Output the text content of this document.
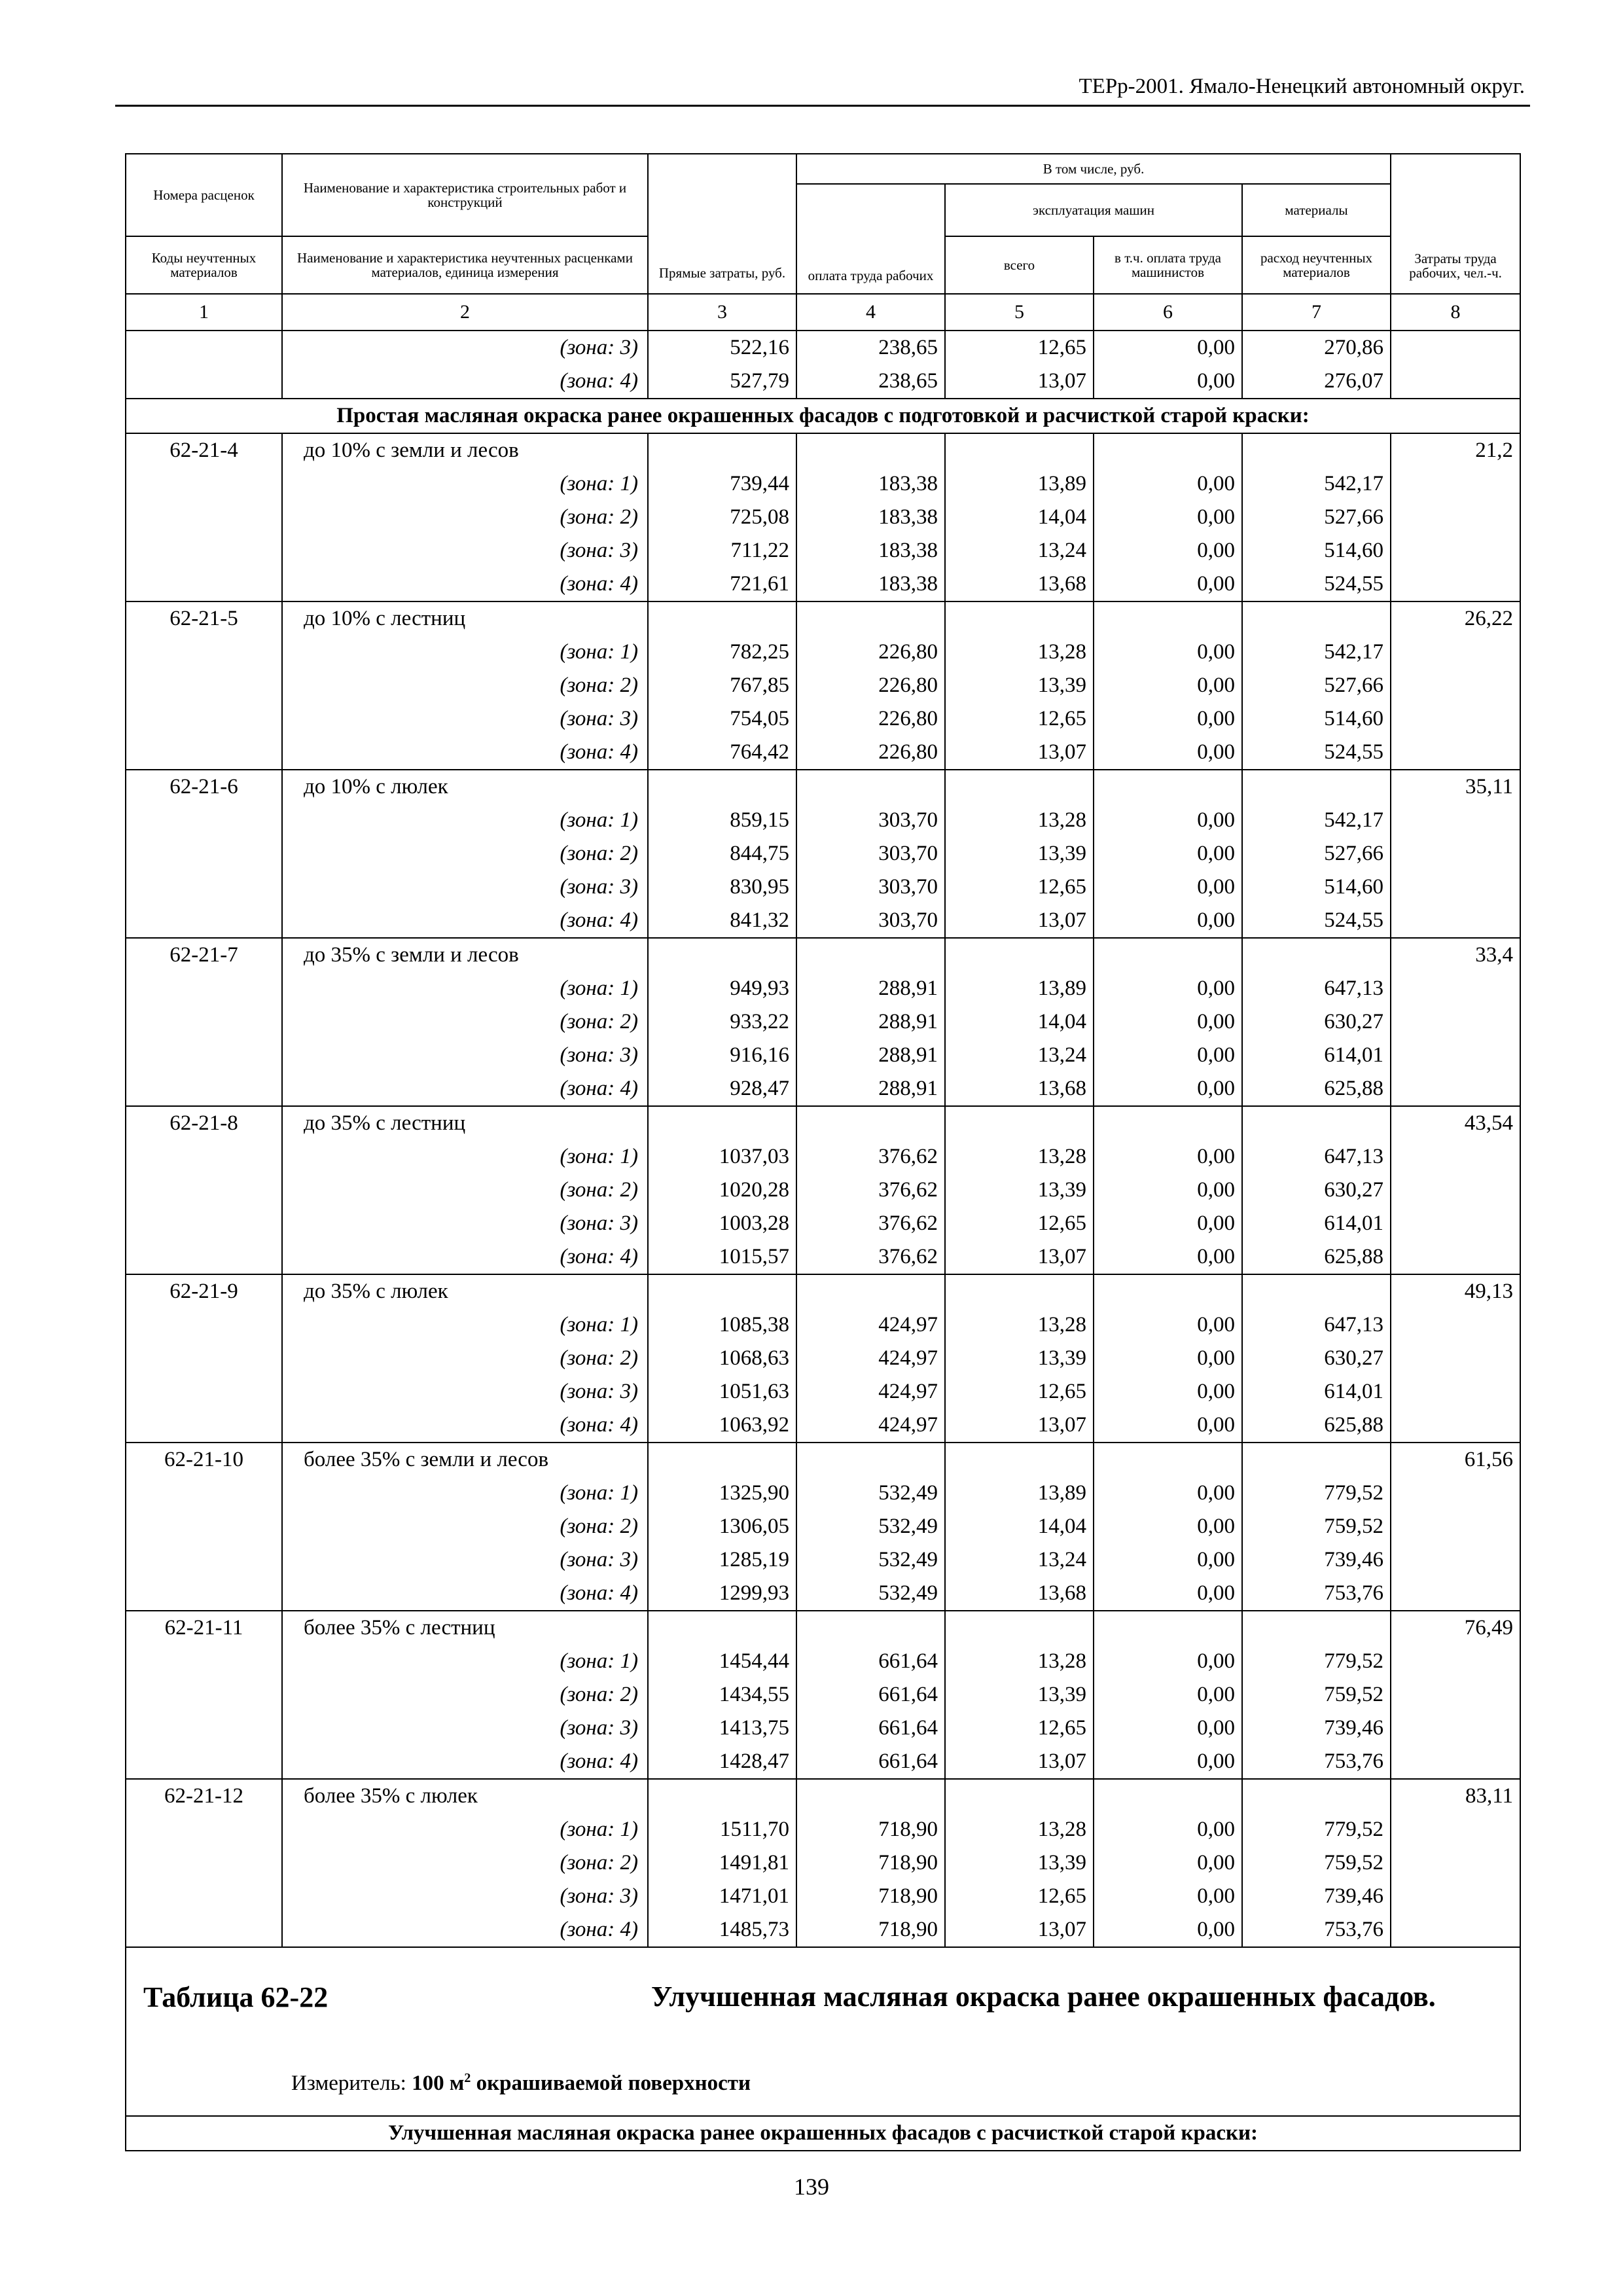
ТЕРр-2001. Ямало-Ненецкий автономный округ.
Номера расценок	Наименование и характеристика строительных работ и конструкций	Прямые затраты, руб.	В том числе, руб.				Затраты труда рабочих, чел.-ч.
			оплата труда рабочих	эксплуатация машин		материалы	
Коды неучтенных материалов	Наименование и характеристика неучтенных расценками материалов, единица измерения			всего	в т.ч. оплата труда машинистов	расход неучтенных материалов	
1	2	3	4	5	6	7	8
	(зона: 3)	522,16	238,65	12,65	0,00	270,86	
	(зона: 4)	527,79	238,65	13,07	0,00	276,07	
Простая масляная окраска ранее окрашенных фасадов с подготовкой и расчисткой старой краски:							
62-21-4	до 10% с земли и лесов						21,2
	(зона: 1)	739,44	183,38	13,89	0,00	542,17	
	(зона: 2)	725,08	183,38	14,04	0,00	527,66	
	(зона: 3)	711,22	183,38	13,24	0,00	514,60	
	(зона: 4)	721,61	183,38	13,68	0,00	524,55	
62-21-5	до 10% с лестниц						26,22
	(зона: 1)	782,25	226,80	13,28	0,00	542,17	
	(зона: 2)	767,85	226,80	13,39	0,00	527,66	
	(зона: 3)	754,05	226,80	12,65	0,00	514,60	
	(зона: 4)	764,42	226,80	13,07	0,00	524,55	
62-21-6	до 10% с люлек						35,11
	(зона: 1)	859,15	303,70	13,28	0,00	542,17	
	(зона: 2)	844,75	303,70	13,39	0,00	527,66	
	(зона: 3)	830,95	303,70	12,65	0,00	514,60	
	(зона: 4)	841,32	303,70	13,07	0,00	524,55	
62-21-7	до 35% с земли и лесов						33,4
	(зона: 1)	949,93	288,91	13,89	0,00	647,13	
	(зона: 2)	933,22	288,91	14,04	0,00	630,27	
	(зона: 3)	916,16	288,91	13,24	0,00	614,01	
	(зона: 4)	928,47	288,91	13,68	0,00	625,88	
62-21-8	до 35% с лестниц						43,54
	(зона: 1)	1037,03	376,62	13,28	0,00	647,13	
	(зона: 2)	1020,28	376,62	13,39	0,00	630,27	
	(зона: 3)	1003,28	376,62	12,65	0,00	614,01	
	(зона: 4)	1015,57	376,62	13,07	0,00	625,88	
62-21-9	до 35% с люлек						49,13
	(зона: 1)	1085,38	424,97	13,28	0,00	647,13	
	(зона: 2)	1068,63	424,97	13,39	0,00	630,27	
	(зона: 3)	1051,63	424,97	12,65	0,00	614,01	
	(зона: 4)	1063,92	424,97	13,07	0,00	625,88	
62-21-10	более 35% с земли и лесов						61,56
	(зона: 1)	1325,90	532,49	13,89	0,00	779,52	
	(зона: 2)	1306,05	532,49	14,04	0,00	759,52	
	(зона: 3)	1285,19	532,49	13,24	0,00	739,46	
	(зона: 4)	1299,93	532,49	13,68	0,00	753,76	
62-21-11	более 35% с лестниц						76,49
	(зона: 1)	1454,44	661,64	13,28	0,00	779,52	
	(зона: 2)	1434,55	661,64	13,39	0,00	759,52	
	(зона: 3)	1413,75	661,64	12,65	0,00	739,46	
	(зона: 4)	1428,47	661,64	13,07	0,00	753,76	
62-21-12	более 35% с люлек						83,11
	(зона: 1)	1511,70	718,90	13,28	0,00	779,52	
	(зона: 2)	1491,81	718,90	13,39	0,00	759,52	
	(зона: 3)	1471,01	718,90	12,65	0,00	739,46	
	(зона: 4)	1485,73	718,90	13,07	0,00	753,76	

Таблица 62-22 Улучшенная масляная окраска ранее окрашенных фасадов.
Измеритель: 100 $м^2$ окрашиваемой поверхности							

Улучшенная масляная окраска ранее окрашенных фасадов с расчисткой старой краски:							
139
